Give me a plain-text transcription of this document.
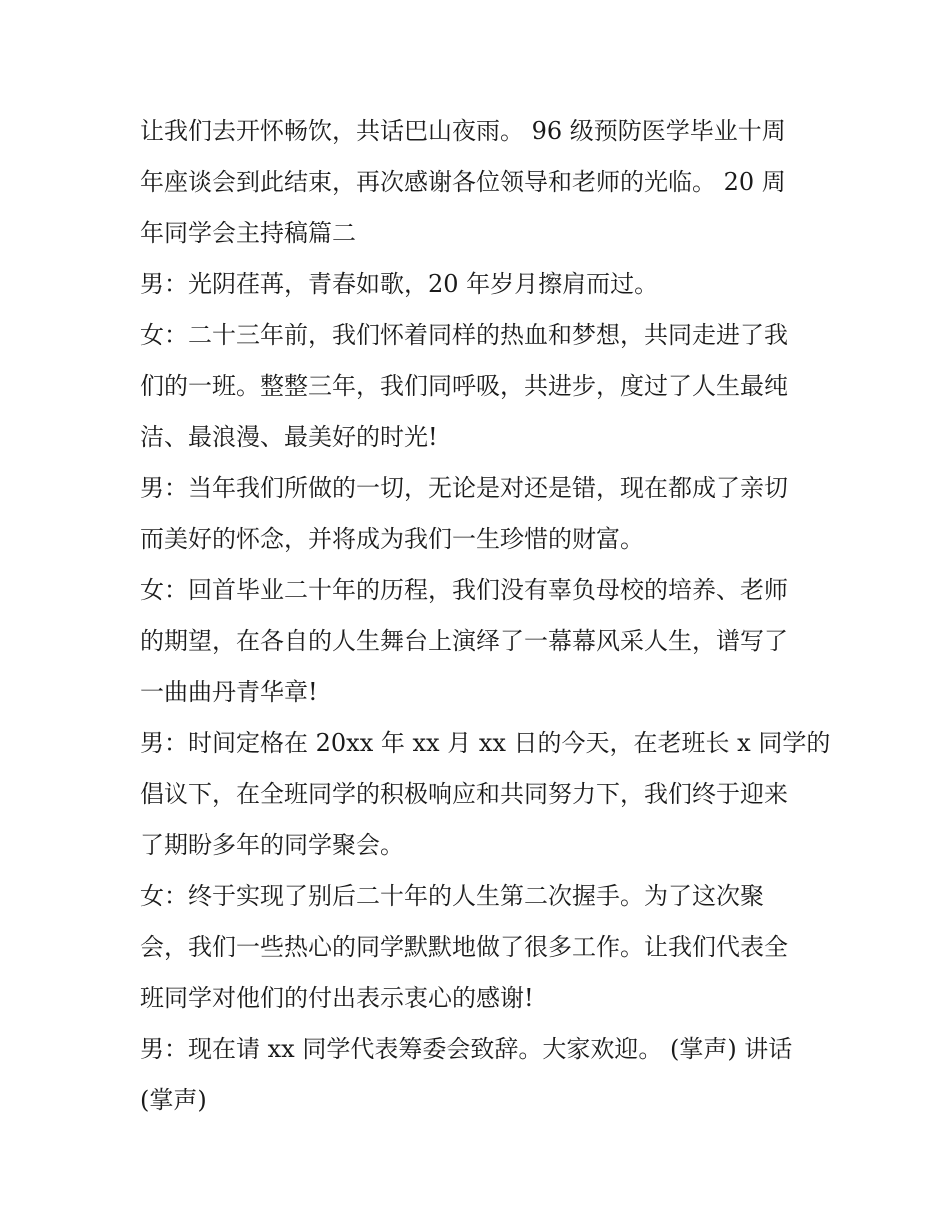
让我们去开怀畅饮，共话巴山夜雨。 96 级预防医学毕业十周
年座谈会到此结束，再次感谢各位领导和老师的光临。 20 周
年同学会主持稿篇二
男：光阴荏苒，青春如歌，20 年岁月擦肩而过。
女：二十三年前，我们怀着同样的热血和梦想，共同走进了我
们的一班。整整三年，我们同呼吸，共进步，度过了人生最纯
洁、最浪漫、最美好的时光!
男：当年我们所做的一切，无论是对还是错，现在都成了亲切
而美好的怀念，并将成为我们一生珍惜的财富。
女：回首毕业二十年的历程，我们没有辜负母校的培养、老师
的期望，在各自的人生舞台上演绎了一幕幕风采人生，谱写了
一曲曲丹青华章!
男：时间定格在 20xx 年 xx 月 xx 日的今天，在老班长 x 同学的
倡议下，在全班同学的积极响应和共同努力下，我们终于迎来
了期盼多年的同学聚会。
女：终于实现了别后二十年的人生第二次握手。为了这次聚
会，我们一些热心的同学默默地做了很多工作。让我们代表全
班同学对他们的付出表示衷心的感谢!
男：现在请 xx 同学代表筹委会致辞。大家欢迎。 (掌声) 讲话
(掌声)
